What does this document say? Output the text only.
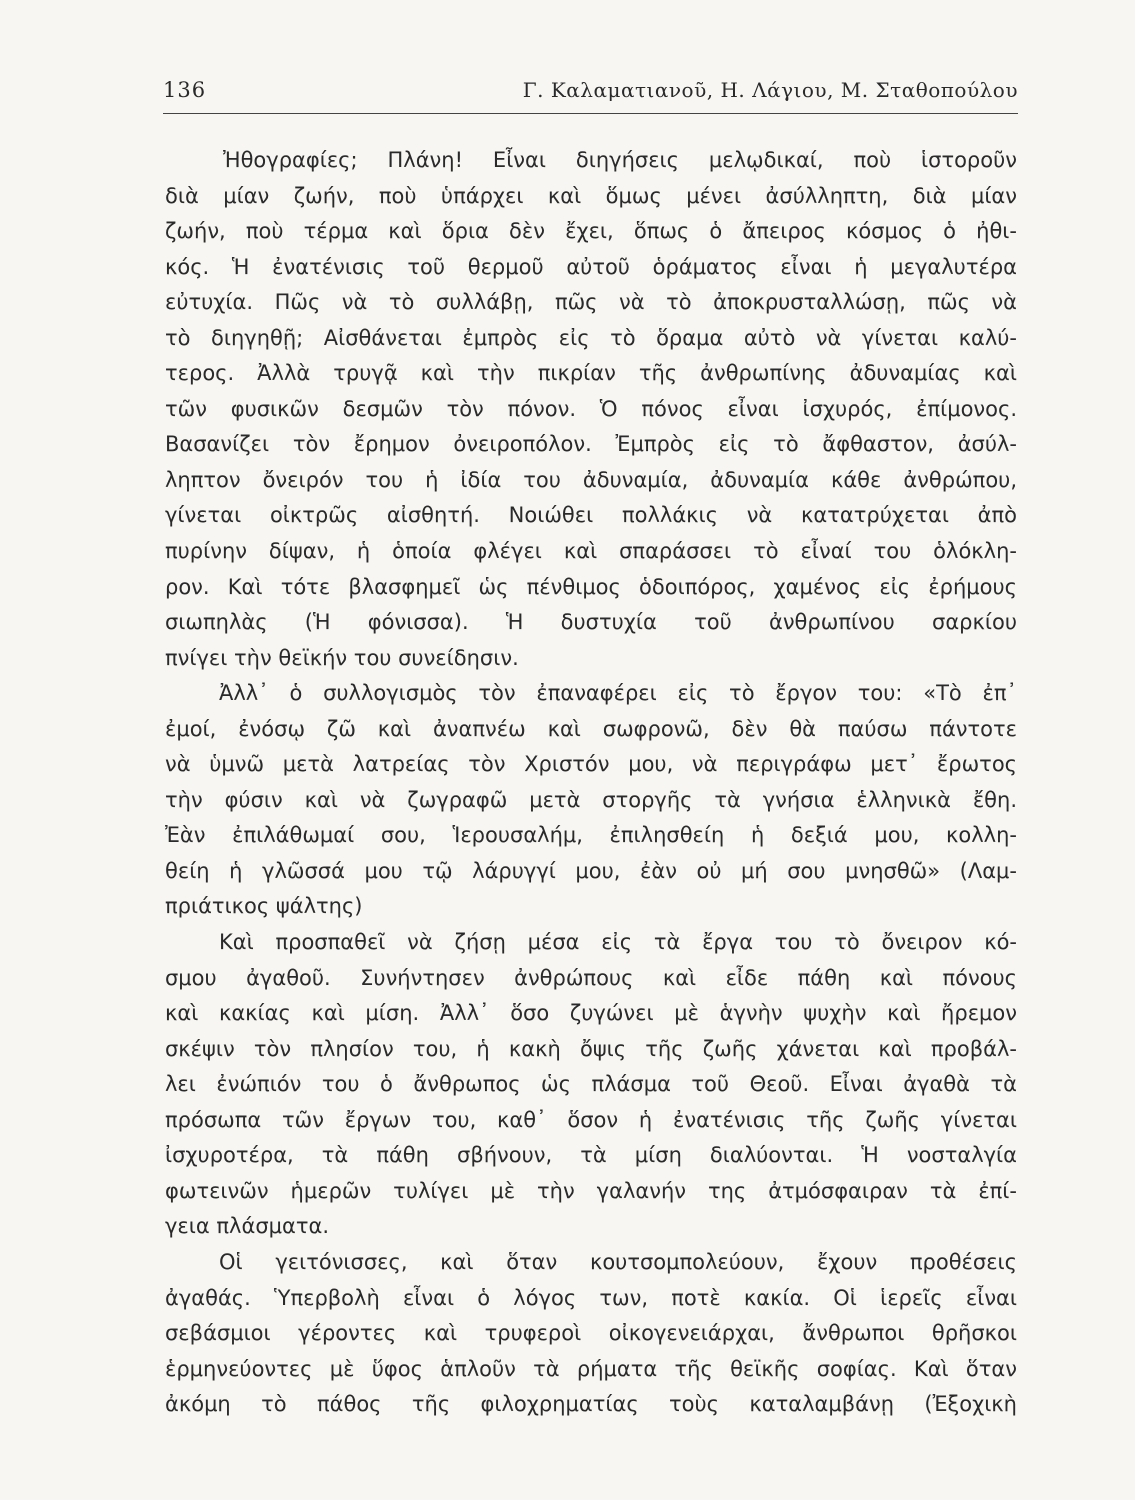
136	Γ. Καλαματιανοῦ, Η. Λάγιου, Μ. Σταθοπούλου
Ἠθογραφίες; Πλάνη! Εἶναι διηγήσεις μελῳδικαί, ποὺ ἱστοροῦν
διὰ μίαν ζωήν, ποὺ ὑπάρχει καὶ ὅμως μένει ἀσύλληπτη, διὰ μίαν
ζωήν, ποὺ τέρμα καὶ ὅρια δὲν ἔχει, ὅπως ὁ ἄπειρος κόσμος ὁ ἠθι-
κός. Ἡ ἐνατένισις τοῦ θερμοῦ αὐτοῦ ὁράματος εἶναι ἡ μεγαλυτέρα
εὐτυχία. Πῶς νὰ τὸ συλλάβῃ, πῶς νὰ τὸ ἀποκρυσταλλώσῃ, πῶς νὰ
τὸ διηγηθῇ; Αἰσθάνεται ἐμπρὸς εἰς τὸ ὅραμα αὐτὸ νὰ γίνεται καλύ-
τερος. Ἀλλὰ τρυγᾷ καὶ τὴν πικρίαν τῆς ἀνθρωπίνης ἀδυναμίας καὶ
τῶν φυσικῶν δεσμῶν τὸν πόνον. Ὁ πόνος εἶναι ἰσχυρός, ἐπίμονος.
Βασανίζει τὸν ἔρημον ὀνειροπόλον. Ἐμπρὸς εἰς τὸ ἄφθαστον, ἀσύλ-
ληπτον ὄνειρόν του ἡ ἰδία του ἀδυναμία, ἀδυναμία κάθε ἀνθρώπου,
γίνεται οἰκτρῶς αἰσθητή. Νοιώθει πολλάκις νὰ κατατρύχεται ἀπὸ
πυρίνην δίψαν, ἡ ὁποία φλέγει καὶ σπαράσσει τὸ εἶναί του ὁλόκλη-
ρον. Καὶ τότε βλασφημεῖ ὡς πένθιμος ὁδοιπόρος, χαμένος εἰς ἐρήμους
σιωπηλὰς (Ἡ φόνισσα). Ἡ δυστυχία τοῦ ἀνθρωπίνου σαρκίου
πνίγει τὴν θεϊκήν του συνείδησιν.
Ἀλλ᾽ ὁ συλλογισμὸς τὸν ἐπαναφέρει εἰς τὸ ἔργον του: «Τὸ ἐπ᾽
ἐμοί, ἐνόσῳ ζῶ καὶ ἀναπνέω καὶ σωφρονῶ, δὲν θὰ παύσω πάντοτε
νὰ ὑμνῶ μετὰ λατρείας τὸν Χριστόν μου, νὰ περιγράφω μετ᾽ ἔρωτος
τὴν φύσιν καὶ νὰ ζωγραφῶ μετὰ στοργῆς τὰ γνήσια ἑλληνικὰ ἔθη.
Ἐὰν ἐπιλάθωμαί σου, Ἱερουσαλήμ, ἐπιλησθείη ἡ δεξιά μου, κολλη-
θείη ἡ γλῶσσά μου τῷ λάρυγγί μου, ἐὰν οὐ μή σου μνησθῶ» (Λαμ-
πριάτικος ψάλτης)
Καὶ προσπαθεῖ νὰ ζήσῃ μέσα εἰς τὰ ἔργα του τὸ ὄνειρον κό-
σμου ἀγαθοῦ. Συνήντησεν ἀνθρώπους καὶ εἶδε πάθη καὶ πόνους
καὶ κακίας καὶ μίση. Ἀλλ᾽ ὅσο ζυγώνει μὲ ἁγνὴν ψυχὴν καὶ ἤρεμον
σκέψιν τὸν πλησίον του, ἡ κακὴ ὄψις τῆς ζωῆς χάνεται καὶ προβάλ-
λει ἐνώπιόν του ὁ ἄνθρωπος ὡς πλάσμα τοῦ Θεοῦ. Εἶναι ἀγαθὰ τὰ
πρόσωπα τῶν ἔργων του, καθ᾽ ὅσον ἡ ἐνατένισις τῆς ζωῆς γίνεται
ἰσχυροτέρα, τὰ πάθη σβήνουν, τὰ μίση διαλύονται. Ἡ νοσταλγία
φωτεινῶν ἡμερῶν τυλίγει μὲ τὴν γαλανήν της ἀτμόσφαιραν τὰ ἐπί-
γεια πλάσματα.
Οἱ γειτόνισσες, καὶ ὅταν κουτσομπολεύουν, ἔχουν προθέσεις
ἀγαθάς. Ὑπερβολὴ εἶναι ὁ λόγος των, ποτὲ κακία. Οἱ ἱερεῖς εἶναι
σεβάσμιοι γέροντες καὶ τρυφεροὶ οἰκογενειάρχαι, ἄνθρωποι θρῆσκοι
ἑρμηνεύοντες μὲ ὕφος ἁπλοῦν τὰ ρήματα τῆς θεϊκῆς σοφίας. Καὶ ὅταν
ἀκόμη τὸ πάθος τῆς φιλοχρηματίας τοὺς καταλαμβάνῃ (Ἐξοχικὴ
